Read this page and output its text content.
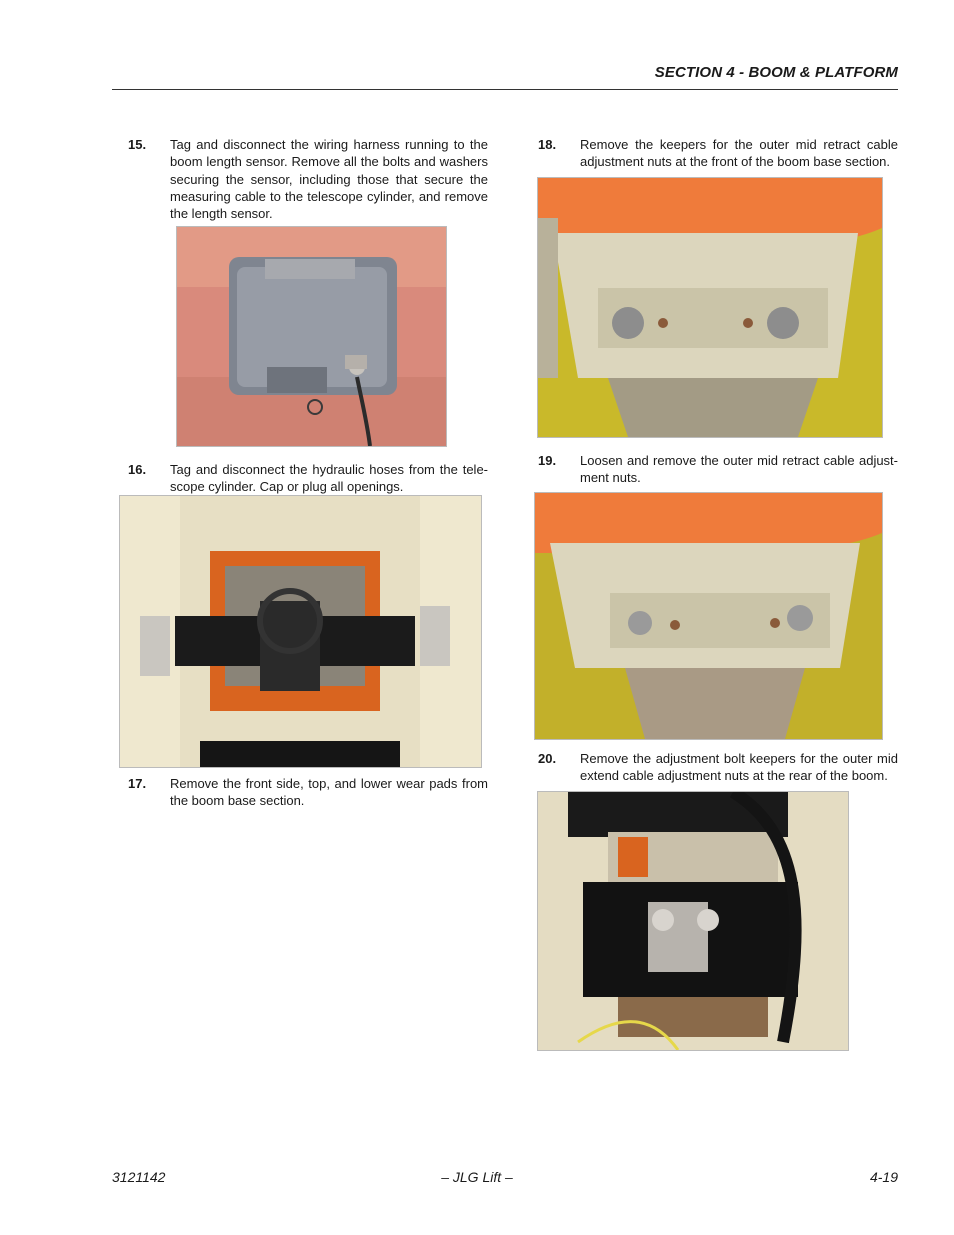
SECTION 4 - BOOM & PLATFORM
15.	Tag and disconnect the wiring harness running to the boom length sensor. Remove all the bolts and washers securing the sensor, including those that secure the measuring cable to the telescope cylinder, and remove the length sensor.
16.	Tag and disconnect the hydraulic hoses from the tele-scope cylinder. Cap or plug all openings.
17.	Remove the front side, top, and lower wear pads from the boom base section.
18.	Remove the keepers for the outer mid retract cable adjustment nuts at the front of the boom base section.
19.	Loosen and remove the outer mid retract cable adjust-ment nuts.
20.	Remove the adjustment bolt keepers for the outer mid extend cable adjustment nuts at the rear of the boom.
3121142	– JLG Lift –	4-19
